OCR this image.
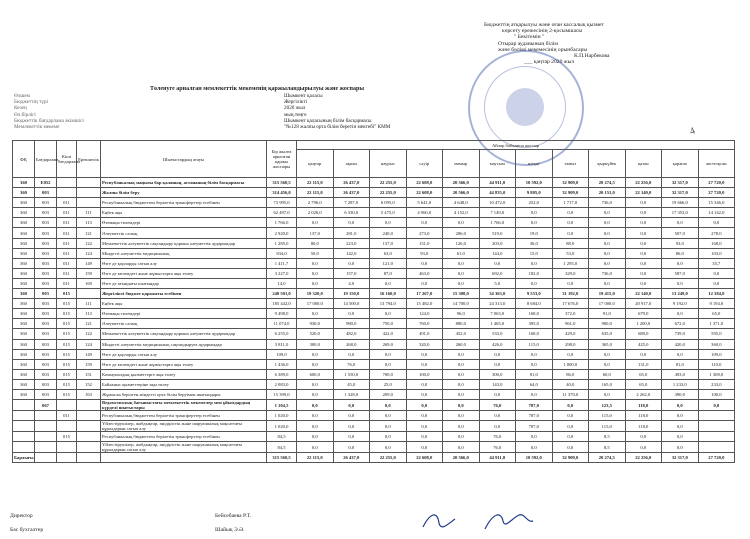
Бюджеттің атқарылуы және оған кассалық қызмет
көрсету ережесінің 2-қосымшасы
" Бекітемін "
Отырар ауданының білім
және бөлімі мекемесінің орынбасары
К.П.Нарбекова
___ қаңтар 2020 жыл
4
Төленуге арналған мемлекеттік мекеменің қаржыландырылуы және жоспары
Өлшем	Шымкент қаласы
Бюджеттің түрі	Жергілікті
Кезең	2020 жыл
Өл.бірлігі	мың.теңге
Бюджеттік бағдарлама әкімшісі	Шымкент қаласының білім басқармасы
Мемлекеттік мекеме	"№128 жалпы орта білім беретін мектебі" КММ
ФҚ	Бағдарлама	Кіші бағдарлама	Ерекшелік	Шығыстардың атауы	Бір жылға арналған қаржы жоспары	Айлар бойынша жоспар											
						қаңтар	ақпан	наурыз	сәуір	мамыр	маусым	шілде	тамыз	қыркүйек	қазан	қараша	желтоқсан
360	Е052			Республикалық маңызы бар қаланың, астананың білім басқармасы	315 560,5	22 115,0	26 437,0	22 255,0	22 608,0	20 566,0	44 911,0	10 592,0	32 909,0	20 274,5	22 256,0	32 317,0	27 720,0
360	003			Жалпы білім беру	314 456,0	22 115,0	26 437,0	22 255,0	22 608,0	20 566,0	44 835,0	9 805,0	32 909,0	20 151,0	22 140,0	32 317,0	27 720,0
360	003	011		Республикалық бюджеттен берілетін трансферттер есебінен	73 995,0	2 796,0	7 287,0	6 095,0	5 641,0	4 648,0	10 472,0	252,0	1 717,0	736,0	0,0	19 666,0	15 346,0
360	003	011	111	Еңбек ақы	62 497,0	2 026,0	6 330,0	5 475,0	4 960,0	4 152,0	7 149,0	0,0	0,0	0,0	0,0	17 353,0	14 142,0
360	003	011	113	Өтемақы төлемдері	1 766,0	0,0	0,0	0,0	0,0	0,0	1 766,0	0,0	0,0	0,0	0,0	0,0	0,0
360	003	011	121	Әлеуметтік салық	2 920,0	137,0	281,0	240,0	273,0	206,0	519,0	19,0	0,0	0,0	0,0	507,0	278,0
360	003	011	122	Мемлекеттік әлеуметтік сақтандыру қорына әлеуметтік аударымдар	1 285,0	80,0	223,0	137,0	151,0	126,0	203,0	36,0	88,0	0,0	0,0	93,0	168,0
360	003	011	124	Міндетті әлеуметтік медициналық	834,0	50,0	142,0	63,0	93,0	61,0	144,0	15,0	53,0	0,0	0,0	86,0	103,0
360	003	011	149	Өзге де қорларды сатып алу	1 411,7	0,0	0,0	121,0	0,0	0,0	0,0	0,0	1 295,0	0,0	0,0	0,0	35,7
360	003	011	159	Өзге де көлемдегі және жұмыстарға ақы төлеу	3 227,0	0,0	157,0	87,0	463,0	0,0	692,0	182,0	329,0	736,0	0,0	587,0	0,0
360	003	011	169	Өзге де ағымдағы шығындар	14,0	0,0	4,0	0,0	0,0	0,0	5,0	0,0	0,0	0,0	0,0	0,0	0,0
360	003	015		Жергілікті бюджет қаражаты есебінен	240 501,0	19 320,0	19 150,0	16 160,0	17 267,0	15 308,0	34 363,0	9 553,0	31 192,0	19 415,0	22 140,0	13 249,0	12 384,0
360	003	015	111	Еңбек ақы	185 442,0	17 000,0	14 500,0	13 794,0	15 482,0	14 700,0	24 313,0	8 684,0	17 676,0	17 000,0	20 917,0	9 192,0	9 194,0
360	003	015	113	Өтемақы төлемдері	9 498,0	0,0	0,0	0,0	124,0	96,0	7 063,0	168,0	372,0	91,0	679,0	0,0	65,0
360	003	015	121	Әлеуметтік салық	11 074,0	930,0	980,0	750,0	760,0	880,0	1 465,0	395,0	961,0	900,0	1 200,0	672,0	1 371,0
360	003	015	122	Мемлекеттік әлеуметтік сақтандыру қорына әлеуметтік аударымдар	6 255,0	520,0	482,0	422,0	491,0	452,0	533,0	168,0	429,0	635,0	689,0	739,0	595,0
360	003	015	124	Міндетті әлеуметтік медициналық сақтандыруға аударымдар	3 811,0	300,0	268,0	269,0	320,0	260,0	426,0	115,0	298,0	365,0	425,0	420,0	360,0
360	003	015	149	Өзге де қорларды сатып алу	109,0	0,0	0,0	0,0	0,0	0,0	0,0	0,0	0,0	0,0	0,0	0,0	109,0
360	003	015	159	Өзге де көлемдегі және жұмыстарға ақы төлеу	1 436,0	0,0	76,0	0,0	0,0	0,0	0,0	0,0	1 000,0	0,0	131,0	81,0	110,0
360	003	015	151	Коммуналдық қызметтерге ақы төлеу	6 389,0	600,0	1 550,0	700,0	100,0	0,0	300,0	81,0	86,0	60,0	65,0	493,0	1 308,0
360	003	015	152	Байланыс қызметтеріне ақы төлеу	2 083,0	0,0	45,0	25,0	0,0	0,0	143,0	64,0	40,0	165,0	65,0	1 233,0	233,0
360	003	015	163	Жұмыска берілген міндетті орта білім беруімен шығындары	15 399,0	0,0	1 328,0	209,0	0,0	0,0	0,0	0,0	11 370,0	0,0	2 262,0	390,0	100,0
	067			Ведомстволық бағыныстағы мемлекеттік мекемелер мен ұйымдардың күрделі шығыстары	1 104,5	0,0	0,0	0,0	0,0	0,0	76,0	787,0	0,0	123,5	118,0	0,0	0,0
		011		Республикалық бюджеттен берілетін трансферттер есебінен	1 020,0	0,0	0,0	0,0	0,0	0,0	0,0	787,0	0,0	115,0	118,0	0,0	
				Үйлестірушілер, жабдықтар, өнідірістік және шаруашылық мақсаттағы құралдарын сатып алу	1 020,0	0,0	0,0	0,0	0,0	0,0	0,0	787,0	0,0	115,0	118,0	0,0	
		015		Республикалық бюджеттен берілетін трансферттер есебінен	84,5	0,0	0,0	0,0	0,0	0,0	76,0	0,0	0,0	8,5	0,0	0,0	
				Үйлестірушілер, жабдықтар, өнідірістік және шаруашылық мақсаттағы құралдарын сатып алу	84,5	0,0	0,0	0,0	0,0	0,0	76,0	0,0	0,0	8,5	0,0	0,0	
Барлығы					315 560,5	22 115,0	26 437,0	22 255,0	22 608,0	20 566,0	44 911,0	10 592,0	32 909,0	20 274,5	22 256,0	32 317,0	27 720,0
Директор	Бейсебаева Р.Т.
Бас бухгалтер	Шайық Э.Ә.
